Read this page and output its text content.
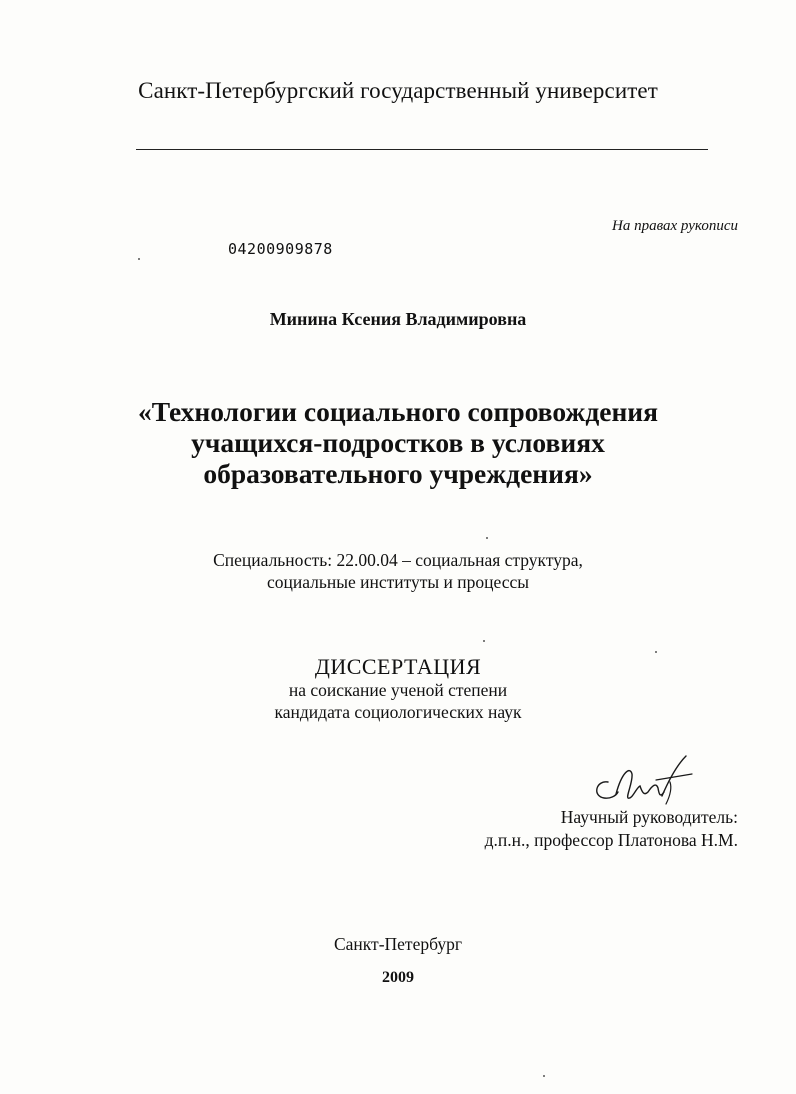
Санкт-Петербургский государственный университет
На правах рукописи
04200909878
Минина Ксения Владимировна
«Технологии социального сопровождения
учащихся-подростков в условиях
образовательного учреждения»
Специальность: 22.00.04 – социальная структура,
социальные институты и процессы
ДИССЕРТАЦИЯ
на соискание ученой степени
кандидата социологических наук
Научный руководитель:
д.п.н., профессор Платонова Н.М.
Санкт-Петербург
2009
